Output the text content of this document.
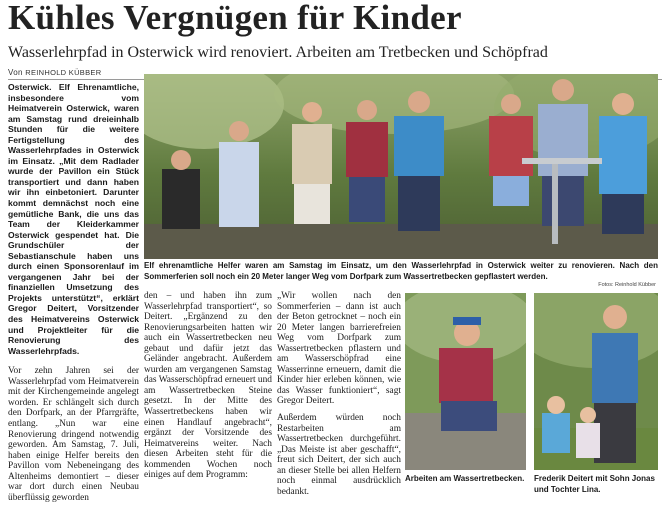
Kühles Vergnügen für Kinder

Wasserlehrpfad in Osterwick wird renoviert. Arbeiten am Tretbecken und Schöpfrad

Von REINHOLD KÜBBER

Osterwick. Elf Ehrenamtliche, insbesondere vom Heimatverein Osterwick, waren am Samstag rund dreieinhalb Stunden für die weitere Fertigstellung des Wasserlehrpfades in Osterwick im Einsatz. „Mit dem Radlader wurde der Pavillon ein Stück transportiert und dann haben wir ihn einbetoniert. Darunter kommt demnächst noch eine gemütliche Bank, die uns das Team der Kleiderkammer Osterwick gespendet hat. Die Grundschüler der Sebastianschule haben uns durch einen Sponsorenlauf im vergangenen Jahr bei der finanziellen Umsetzung des Projekts unterstützt“, erklärt Gregor Deitert, Vorsitzender des Heimatvereins Osterwick und Projektleiter für die Renovierung des Wasserlehrpfads.

Vor zehn Jahren sei der Wasserlehrpfad vom Heimatverein mit der Kirchengemeinde angelegt worden. Er schlängelt sich durch den Dorfpark, an der Pfarrgräfte, entlang. „Nun war eine Renovierung dringend notwendig geworden. Am Samstag, 7. Juli, haben einige Helfer bereits den Pavillon vom Nebeneingang des Altenheims demontiert – dieser war dort durch einen Neubau überflüssig geworden

Elf ehrenamtliche Helfer waren am Samstag im Einsatz, um den Wasserlehrpfad in Osterwick weiter zu renovieren. Nach den Sommerferien soll noch ein 20 Meter langer Weg vom Dorfpark zum Wassertretbecken gepflastert werden.
Fotos: Reinhold Kübber

den – und haben ihn zum Wasserlehrpfad transportiert“, so Deitert. „Ergänzend zu den Renovierungsarbeiten hatten wir auch ein Wassertretbecken neu gebaut und dafür jetzt das Geländer angebracht. Außerdem wurden am vergangenen Samstag das Wasserschöpfrad erneuert und am Wassertretbecken Steine gesetzt. In der Mitte des Wassertretbeckens haben wir einen Handlauf angebracht“, ergänzt der Vorsitzende des Heimatvereins weiter. Nach diesen Arbeiten steht für die kommenden Wochen noch einiges auf dem Programm:

„Wir wollen nach den Sommerferien – dann ist auch der Beton getrocknet – noch ein 20 Meter langen barrierefreien Weg vom Dorfpark zum Wassertretbecken pflastern und am Wasserschöpfrad eine Wasserrinne erneuern, damit die Kinder hier erleben können, wie das Wasser funktioniert“, sagt Gregor Deitert.

Außerdem würden noch Restarbeiten am Wassertretbecken durchgeführt. „Das Meiste ist aber geschafft“, freut sich Deitert, der sich auch an dieser Stelle bei allen Helfern noch einmal ausdrücklich bedankt.

Arbeiten am Wassertretbecken. Frederik Deitert mit Sohn Jonas und Tochter Lina.
